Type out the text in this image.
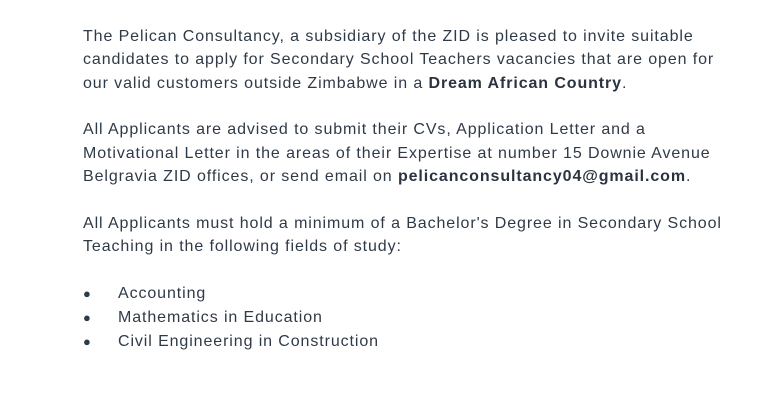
The Pelican Consultancy, a subsidiary of the ZID is pleased to invite suitable candidates to apply for Secondary School Teachers vacancies that are open for our valid customers outside Zimbabwe in a Dream African Country.

All Applicants are advised to submit their CVs, Application Letter and a Motivational Letter in the areas of their Expertise at number 15 Downie Avenue Belgravia ZID offices, or send email on pelicanconsultancy04@gmail.com.

All Applicants must hold a minimum of a Bachelor's Degree in Secondary School Teaching in the following fields of study:

● Accounting
● Mathematics in Education
● Civil Engineering in Construction
